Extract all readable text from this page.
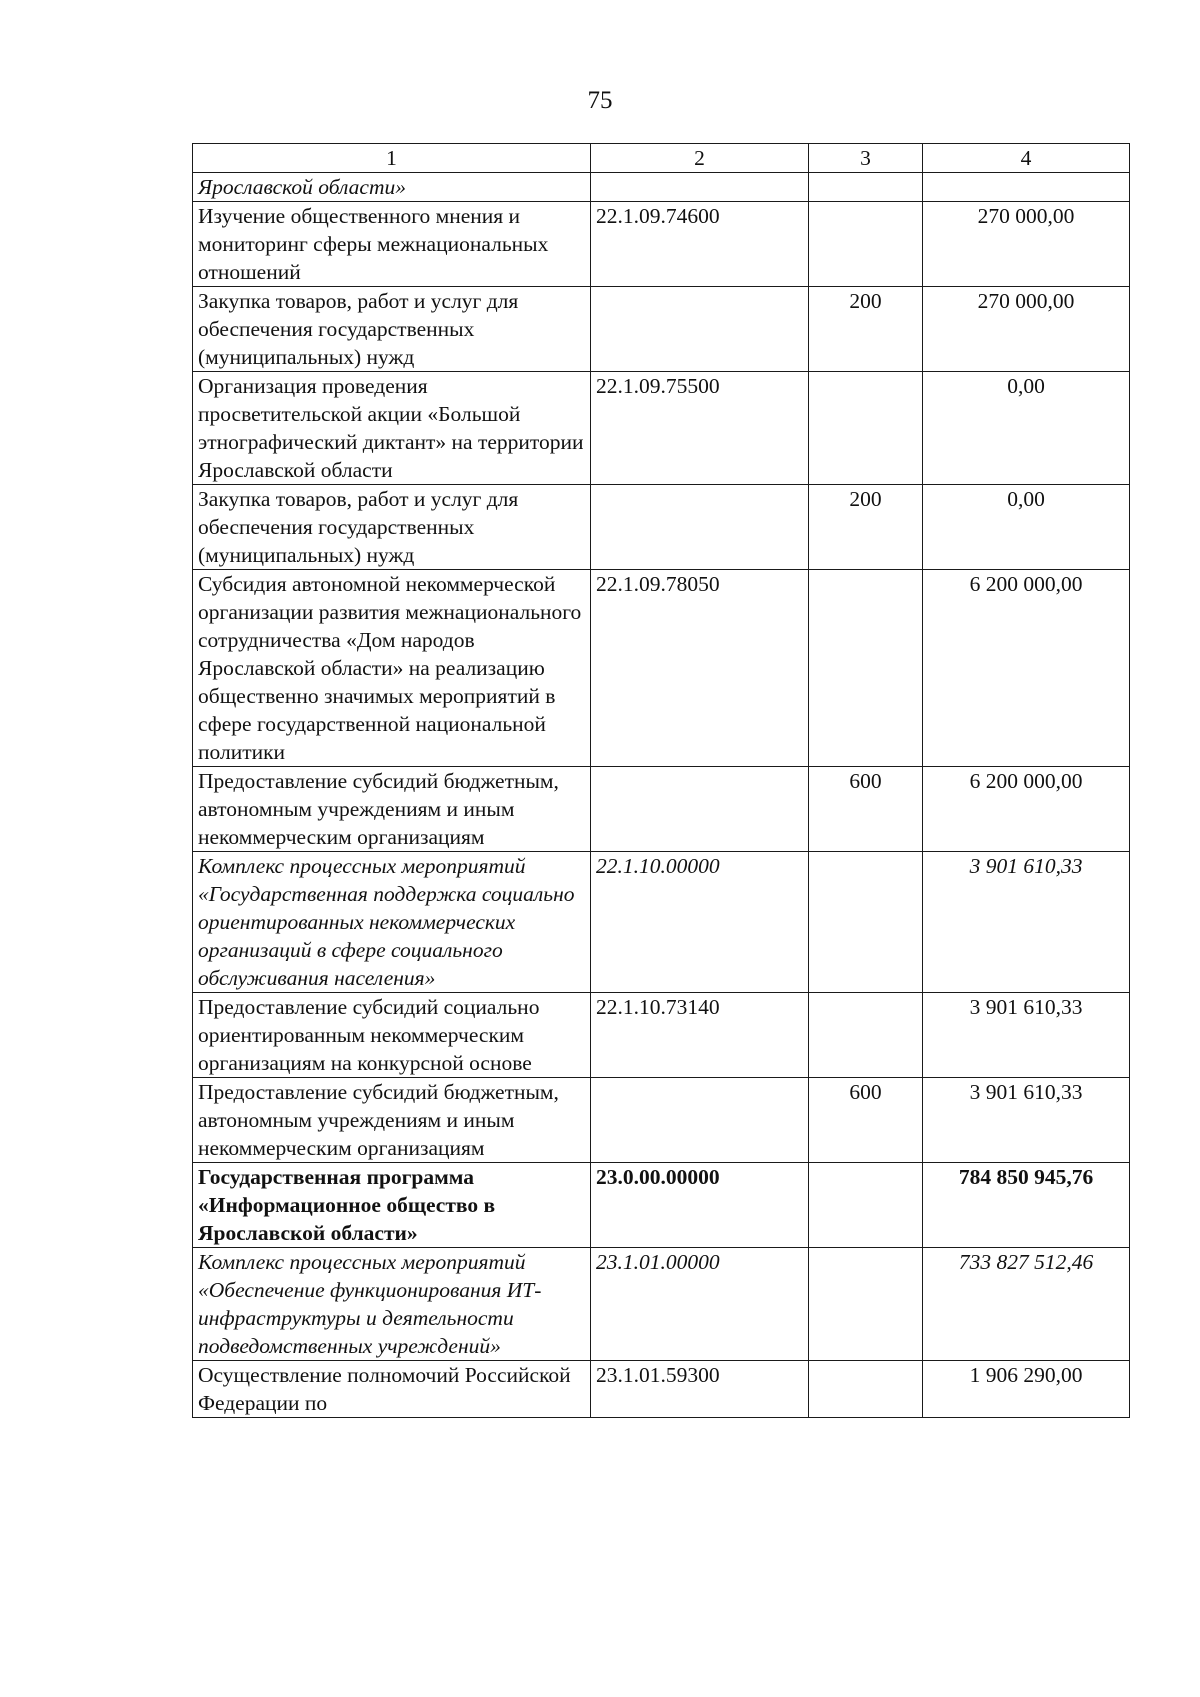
75
1	2	3	4
Ярославской области»			
Изучение общественного мнения и мониторинг сферы межнациональных отношений	22.1.09.74600		270 000,00
Закупка товаров, работ и услуг для обеспечения государственных (муниципальных) нужд		200	270 000,00
Организация проведения просветительской акции «Большой этнографический диктант» на территории Ярославской области	22.1.09.75500		0,00
Закупка товаров, работ и услуг для обеспечения государственных (муниципальных) нужд		200	0,00
Субсидия автономной некоммерческой организации развития межнационального сотрудничества «Дом народов Ярославской области» на реализацию общественно значимых мероприятий в сфере государственной национальной политики	22.1.09.78050		6 200 000,00
Предоставление субсидий бюджетным, автономным учреждениям и иным некоммерческим организациям		600	6 200 000,00
Комплекс процессных мероприятий «Государственная поддержка социально ориентированных некоммерческих организаций в сфере социального обслуживания населения»	22.1.10.00000		3 901 610,33
Предоставление субсидий социально ориентированным некоммерческим организациям на конкурсной основе	22.1.10.73140		3 901 610,33
Предоставление субсидий бюджетным, автономным учреждениям и иным некоммерческим организациям		600	3 901 610,33
Государственная программа «Информационное общество в Ярославской области»	23.0.00.00000		784 850 945,76
Комплекс процессных мероприятий «Обеспечение функционирования ИТ-инфраструктуры и деятельности подведомственных учреждений»	23.1.01.00000		733 827 512,46
Осуществление полномочий Российской Федерации по	23.1.01.59300		1 906 290,00
